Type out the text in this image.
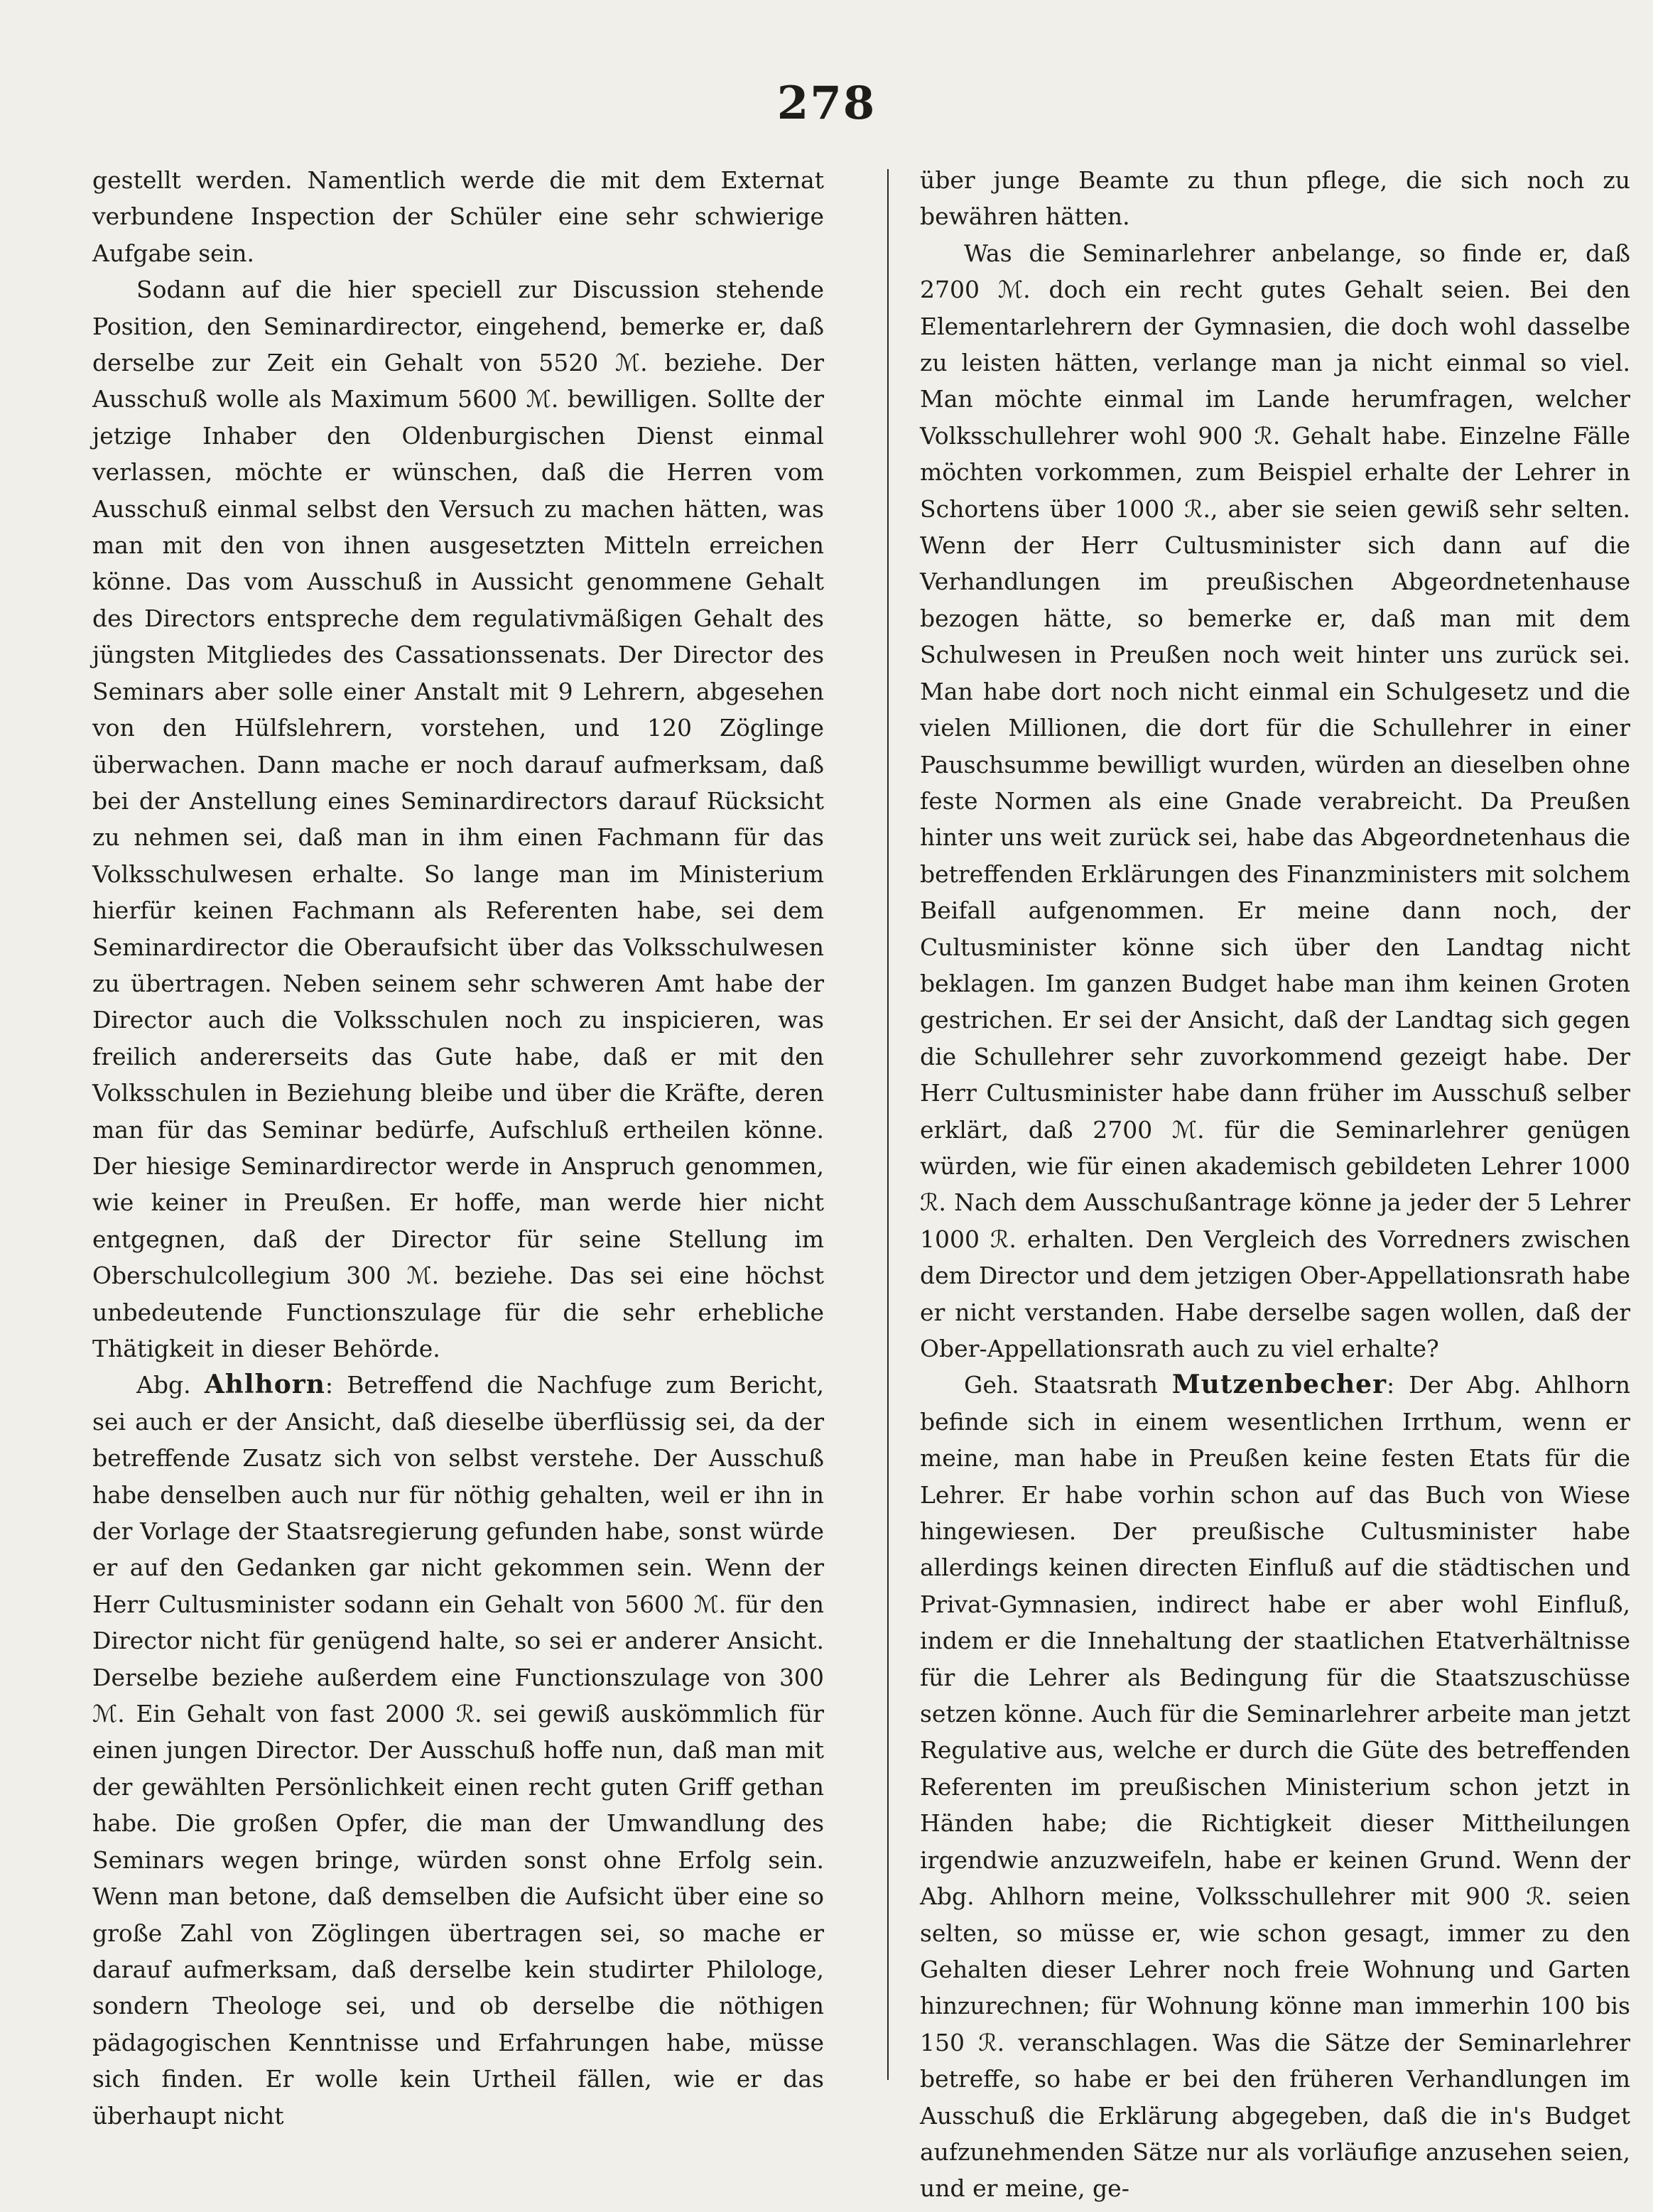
278

gestellt werden. Namentlich werde die mit dem Externat verbundene Inspection der Schüler eine sehr schwierige Aufgabe sein.

Sodann auf die hier speciell zur Discussion stehende Position, den Seminardirector, eingehend, bemerke er, daß derselbe zur Zeit ein Gehalt von 5520 ℳ. beziehe. Der Ausschuß wolle als Maximum 5600 ℳ. bewilligen. Sollte der jetzige Inhaber den Oldenburgischen Dienst einmal verlassen, möchte er wünschen, daß die Herren vom Ausschuß einmal selbst den Versuch zu machen hätten, was man mit den von ihnen ausgesetzten Mitteln erreichen könne. Das vom Ausschuß in Aussicht genommene Gehalt des Directors entspreche dem regulativmäßigen Gehalt des jüngsten Mitgliedes des Cassationssenats. Der Director des Seminars aber solle einer Anstalt mit 9 Lehrern, abgesehen von den Hülfslehrern, vorstehen, und 120 Zöglinge überwachen. Dann mache er noch darauf aufmerksam, daß bei der Anstellung eines Seminardirectors darauf Rücksicht zu nehmen sei, daß man in ihm einen Fachmann für das Volksschulwesen erhalte. So lange man im Ministerium hierfür keinen Fachmann als Referenten habe, sei dem Seminardirector die Oberaufsicht über das Volksschulwesen zu übertragen. Neben seinem sehr schweren Amt habe der Director auch die Volksschulen noch zu inspicieren, was freilich andererseits das Gute habe, daß er mit den Volksschulen in Beziehung bleibe und über die Kräfte, deren man für das Seminar bedürfe, Aufschluß ertheilen könne. Der hiesige Seminardirector werde in Anspruch genommen, wie keiner in Preußen. Er hoffe, man werde hier nicht entgegnen, daß der Director für seine Stellung im Oberschulcollegium 300 ℳ. beziehe. Das sei eine höchst unbedeutende Functionszulage für die sehr erhebliche Thätigkeit in dieser Behörde.

Abg. Ahlhorn: Betreffend die Nachfuge zum Bericht, sei auch er der Ansicht, daß dieselbe überflüssig sei, da der betreffende Zusatz sich von selbst verstehe. Der Ausschuß habe denselben auch nur für nöthig gehalten, weil er ihn in der Vorlage der Staatsregierung gefunden habe, sonst würde er auf den Gedanken gar nicht gekommen sein. Wenn der Herr Cultusminister sodann ein Gehalt von 5600 ℳ. für den Director nicht für genügend halte, so sei er anderer Ansicht. Derselbe beziehe außerdem eine Functionszulage von 300 ℳ. Ein Gehalt von fast 2000 ℛ. sei gewiß auskömmlich für einen jungen Director. Der Ausschuß hoffe nun, daß man mit der gewählten Persönlichkeit einen recht guten Griff gethan habe. Die großen Opfer, die man der Umwandlung des Seminars wegen bringe, würden sonst ohne Erfolg sein. Wenn man betone, daß demselben die Aufsicht über eine so große Zahl von Zöglingen übertragen sei, so mache er darauf aufmerksam, daß derselbe kein studirter Philologe, sondern Theologe sei, und ob derselbe die nöthigen pädagogischen Kenntnisse und Erfahrungen habe, müsse sich finden. Er wolle kein Urtheil fällen, wie er das überhaupt nicht

über junge Beamte zu thun pflege, die sich noch zu bewähren hätten.

Was die Seminarlehrer anbelange, so finde er, daß 2700 ℳ. doch ein recht gutes Gehalt seien. Bei den Elementarlehrern der Gymnasien, die doch wohl dasselbe zu leisten hätten, verlange man ja nicht einmal so viel. Man möchte einmal im Lande herumfragen, welcher Volksschullehrer wohl 900 ℛ. Gehalt habe. Einzelne Fälle möchten vorkommen, zum Beispiel erhalte der Lehrer in Schortens über 1000 ℛ., aber sie seien gewiß sehr selten. Wenn der Herr Cultusminister sich dann auf die Verhandlungen im preußischen Abgeordnetenhause bezogen hätte, so bemerke er, daß man mit dem Schulwesen in Preußen noch weit hinter uns zurück sei. Man habe dort noch nicht einmal ein Schulgesetz und die vielen Millionen, die dort für die Schullehrer in einer Pauschsumme bewilligt wurden, würden an dieselben ohne feste Normen als eine Gnade verabreicht. Da Preußen hinter uns weit zurück sei, habe das Abgeordnetenhaus die betreffenden Erklärungen des Finanzministers mit solchem Beifall aufgenommen. Er meine dann noch, der Cultusminister könne sich über den Landtag nicht beklagen. Im ganzen Budget habe man ihm keinen Groten gestrichen. Er sei der Ansicht, daß der Landtag sich gegen die Schullehrer sehr zuvorkommend gezeigt habe. Der Herr Cultusminister habe dann früher im Ausschuß selber erklärt, daß 2700 ℳ. für die Seminarlehrer genügen würden, wie für einen akademisch gebildeten Lehrer 1000 ℛ. Nach dem Ausschußantrage könne ja jeder der 5 Lehrer 1000 ℛ. erhalten. Den Vergleich des Vorredners zwischen dem Director und dem jetzigen Ober-Appellationsrath habe er nicht verstanden. Habe derselbe sagen wollen, daß der Ober-Appellationsrath auch zu viel erhalte?

Geh. Staatsrath Mutzenbecher: Der Abg. Ahlhorn befinde sich in einem wesentlichen Irrthum, wenn er meine, man habe in Preußen keine festen Etats für die Lehrer. Er habe vorhin schon auf das Buch von Wiese hingewiesen. Der preußische Cultusminister habe allerdings keinen directen Einfluß auf die städtischen und Privat-Gymnasien, indirect habe er aber wohl Einfluß, indem er die Innehaltung der staatlichen Etatverhältnisse für die Lehrer als Bedingung für die Staatszuschüsse setzen könne. Auch für die Seminarlehrer arbeite man jetzt Regulative aus, welche er durch die Güte des betreffenden Referenten im preußischen Ministerium schon jetzt in Händen habe; die Richtigkeit dieser Mittheilungen irgendwie anzuzweifeln, habe er keinen Grund. Wenn der Abg. Ahlhorn meine, Volksschullehrer mit 900 ℛ. seien selten, so müsse er, wie schon gesagt, immer zu den Gehalten dieser Lehrer noch freie Wohnung und Garten hinzurechnen; für Wohnung könne man immerhin 100 bis 150 ℛ. veranschlagen. Was die Sätze der Seminarlehrer betreffe, so habe er bei den früheren Verhandlungen im Ausschuß die Erklärung abgegeben, daß die in's Budget aufzunehmenden Sätze nur als vorläufige anzusehen seien, und er meine, ge-
